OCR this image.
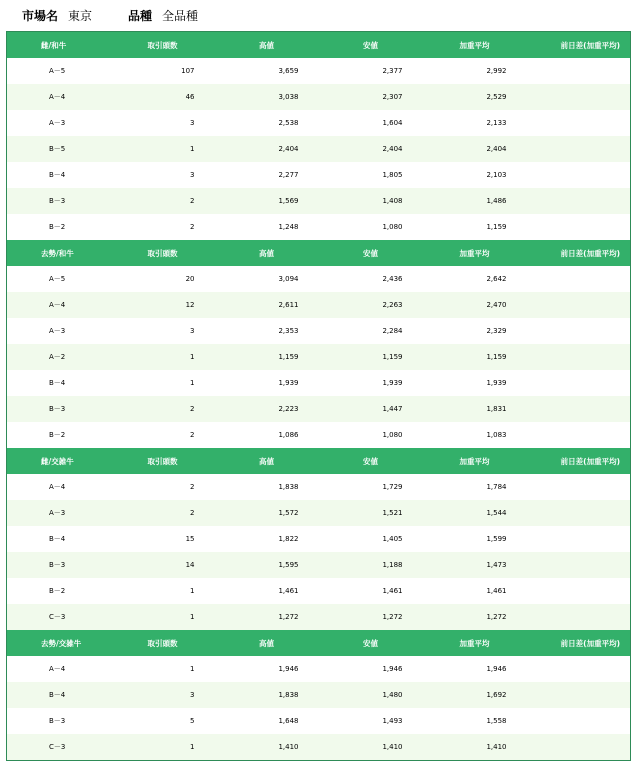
市場名 東京	品種 全品種
雌/和牛	取引頭数	高値	安値	加重平均	前日差(加重平均)
A－5	107	3,659	2,377	2,992	
A－4	46	3,038	2,307	2,529	
A－3	3	2,538	1,604	2,133	
B－5	1	2,404	2,404	2,404	
B－4	3	2,277	1,805	2,103	
B－3	2	1,569	1,408	1,486	
B－2	2	1,248	1,080	1,159	
去勢/和牛	取引頭数	高値	安値	加重平均	前日差(加重平均)
A－5	20	3,094	2,436	2,642	
A－4	12	2,611	2,263	2,470	
A－3	3	2,353	2,284	2,329	
A－2	1	1,159	1,159	1,159	
B－4	1	1,939	1,939	1,939	
B－3	2	2,223	1,447	1,831	
B－2	2	1,086	1,080	1,083	
雌/交雑牛	取引頭数	高値	安値	加重平均	前日差(加重平均)
A－4	2	1,838	1,729	1,784	
A－3	2	1,572	1,521	1,544	
B－4	15	1,822	1,405	1,599	
B－3	14	1,595	1,188	1,473	
B－2	1	1,461	1,461	1,461	
C－3	1	1,272	1,272	1,272	
去勢/交雑牛	取引頭数	高値	安値	加重平均	前日差(加重平均)
A－4	1	1,946	1,946	1,946	
B－4	3	1,838	1,480	1,692	
B－3	5	1,648	1,493	1,558	
C－3	1	1,410	1,410	1,410	
